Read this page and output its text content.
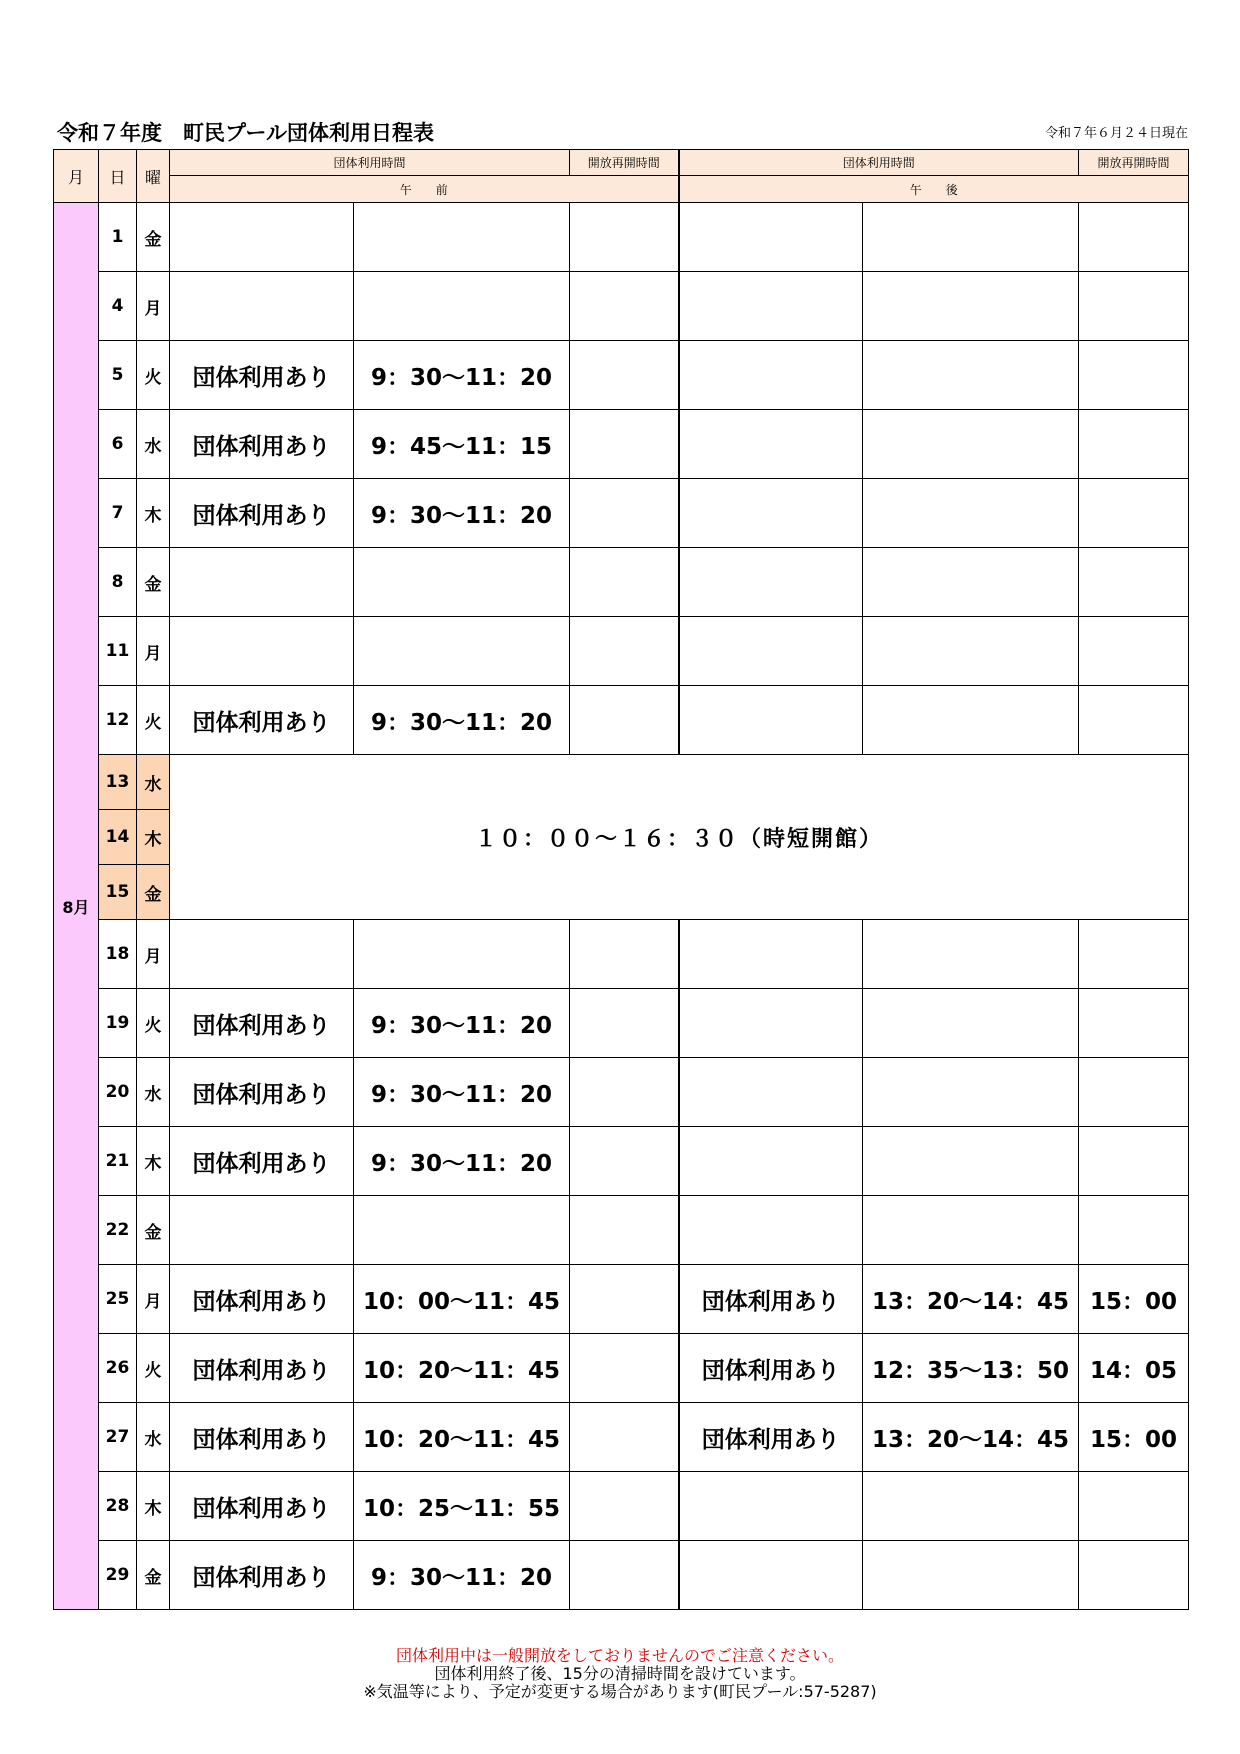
令和７年度　町民プール団体利用日程表	令和７年６月２４日現在
月	日	曜	団体利用時間		開放再開時間	団体利用時間		開放再開時間
			午　　前			午　　後		
8月	1	金						
	4	月						
	5	火	団体利用あり	9：30～11：20				
	6	水	団体利用あり	9：45～11：15				
	7	木	団体利用あり	9：30～11：20				
	8	金						
	11	月						
	12	火	団体利用あり	9：30～11：20				
	13	水	１０：００～１６：３０（時短開館）					
	14	木						
	15	金						
	18	月						
	19	火	団体利用あり	9：30～11：20				
	20	水	団体利用あり	9：30～11：20				
	21	木	団体利用あり	9：30～11：20				
	22	金						
	25	月	団体利用あり	10：00～11：45		団体利用あり	13：20～14：45	15：00
	26	火	団体利用あり	10：20～11：45		団体利用あり	12：35～13：50	14：05
	27	水	団体利用あり	10：20～11：45		団体利用あり	13：20～14：45	15：00
	28	木	団体利用あり	10：25～11：55				
	29	金	団体利用あり	9：30～11：20				
団体利用中は一般開放をしておりませんのでご注意ください。
団体利用終了後、15分の清掃時間を設けています。
※気温等により、予定が変更する場合があります(町民プール:57-5287)
